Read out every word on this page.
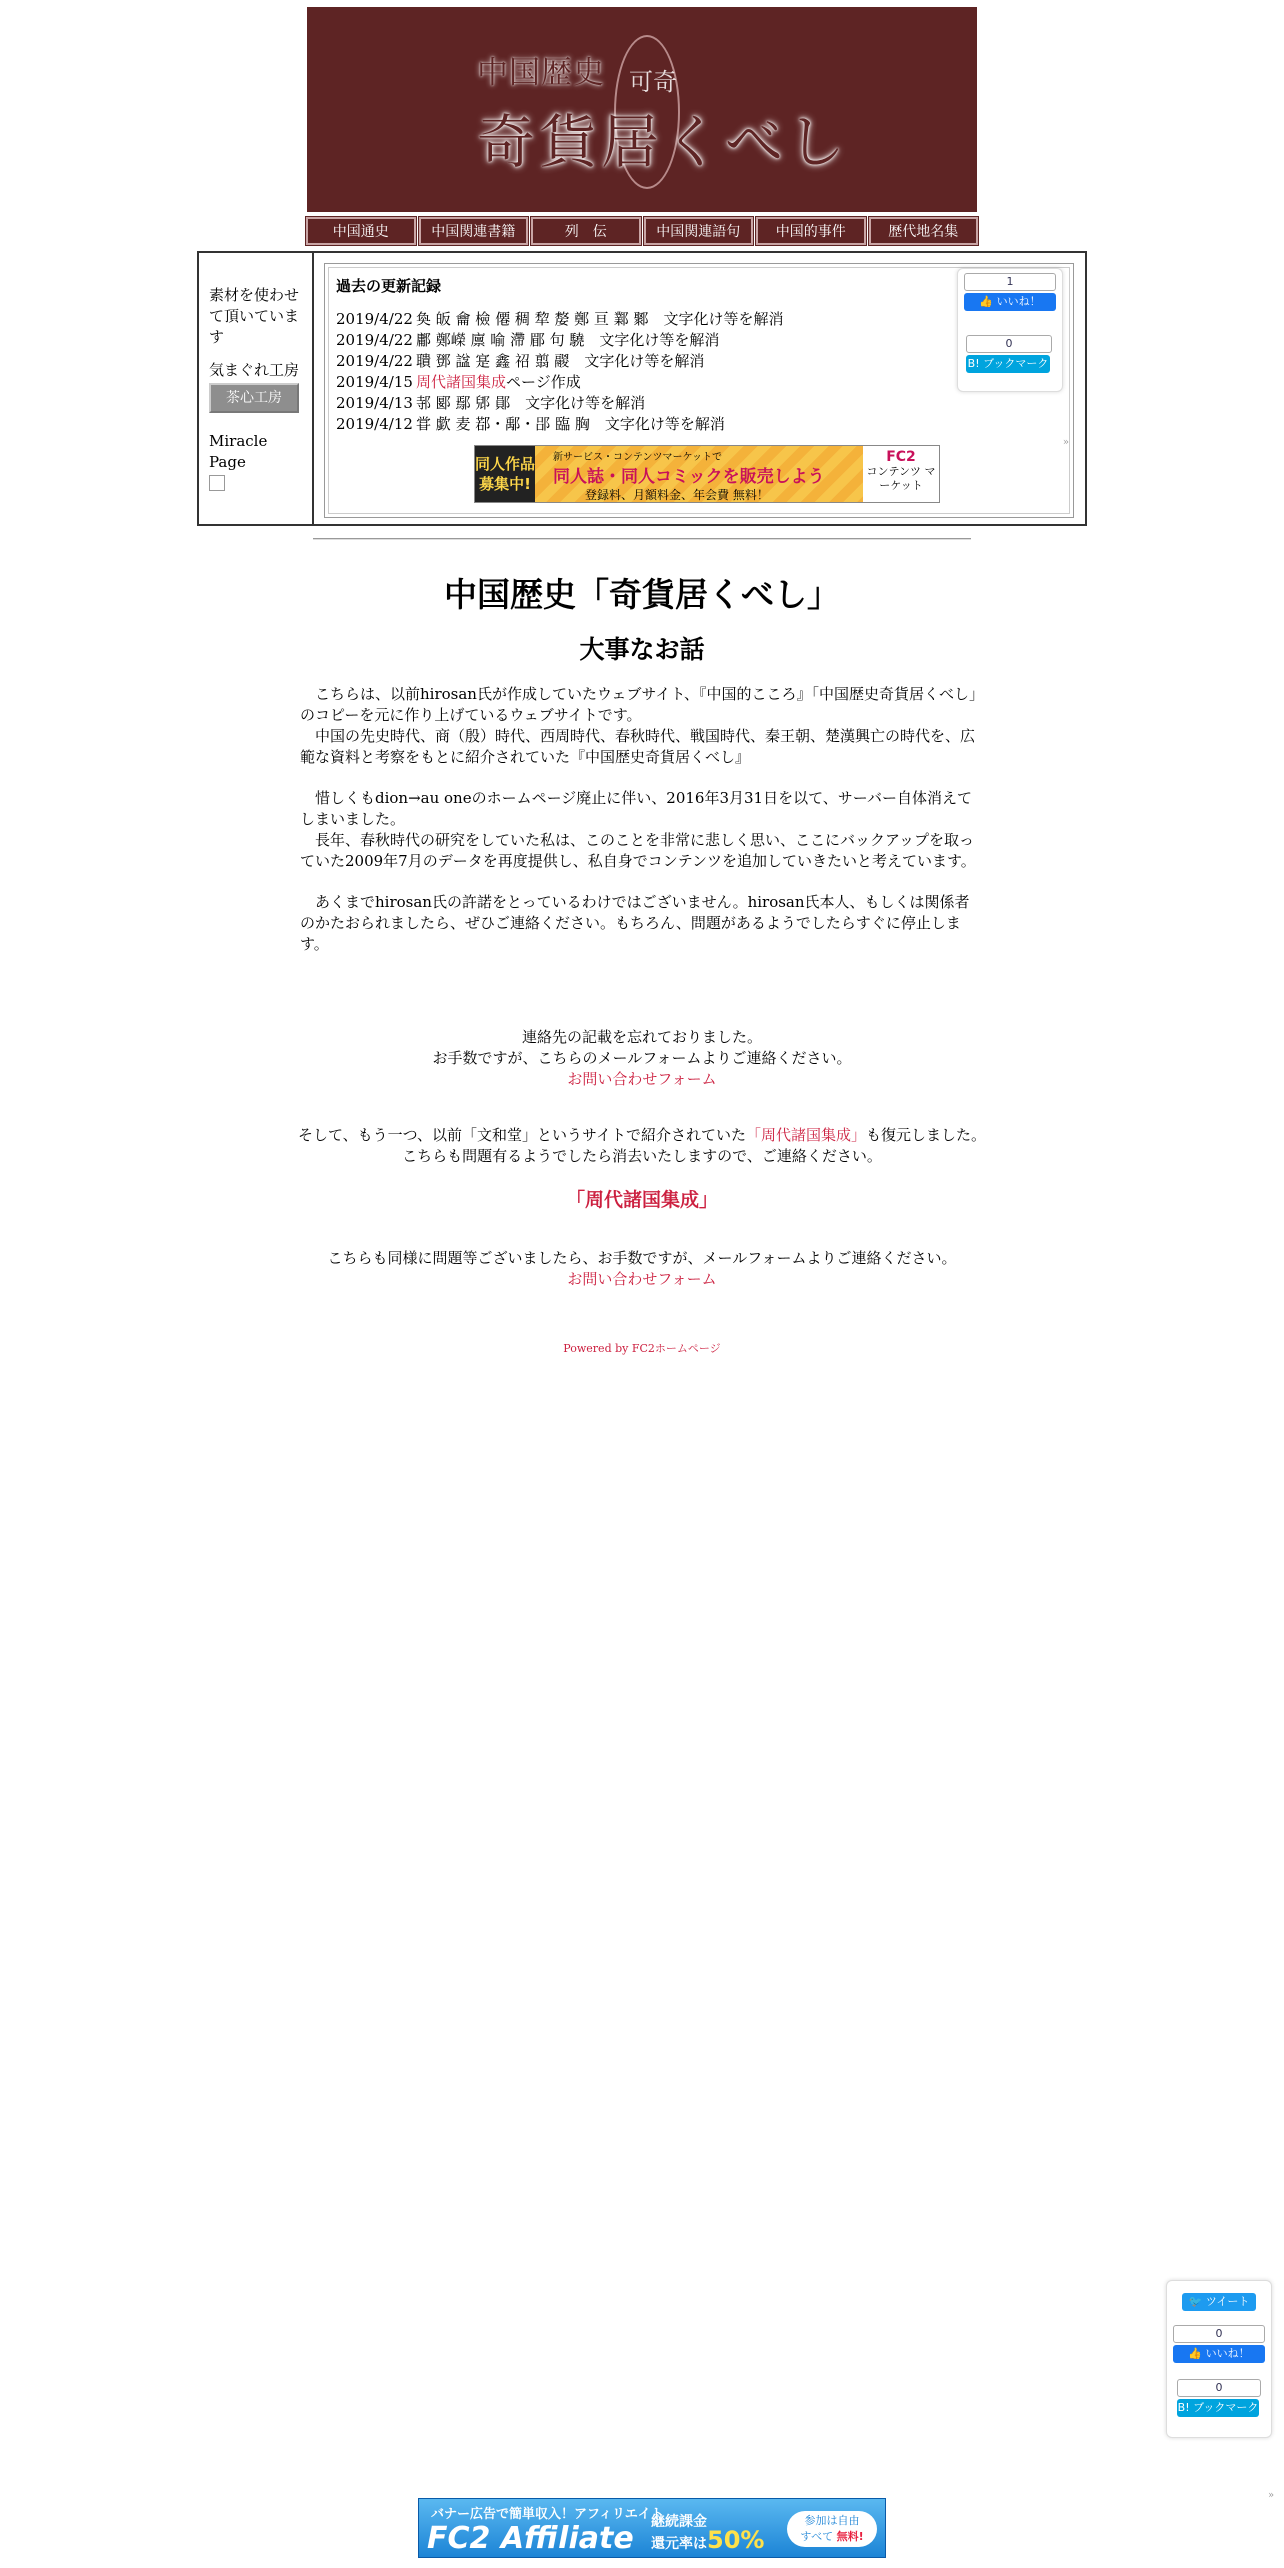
可奇
中国歴史
奇貨居くべし
中国通史	中国関連書籍	列　伝	中国関連語句	中国的事件	歴代地名集

素材を使わせて頂いています

気まぐれ工房

茶心工房

Miracle Page

過去の更新記録
2019/4/22 奐 皈 龠 檢 僊 稠 犂 嫠 鄭 亘 鄴 鄹　文字化け等を解消
2019/4/22 鄘 鄭嶸 廪 喻 滯 郿 句 驍　文字化け等を解消
2019/4/22 聵 鄧 諡 寔 鑫 祒 翦 鬷　文字化け等を解消
2019/4/15 周代諸国集成 ページ作成
2019/4/13 邿 郾 鄢 郳 鄖　文字化け等を解消
2019/4/12 甞 歔 麦 鄀・鄅・郘 臨 胸　文字化け等を解消
»
同人作品 募集中!
新サービス・コンテンツマーケットで
同人誌・同人コミックを販売しよう
登録料、月額料金、年会費 無料！
FC2
コンテンツ マーケット
1
👍 いいね！
0
B! ブックマーク
中国歴史「奇貨居くべし」
大事なお話

　こちらは、以前hirosan氏が作成していたウェブサイト、『中国的こころ』「中国歴史奇貨居くべし」のコピーを元に作り上げているウェブサイトです。
　中国の先史時代、商（殷）時代、西周時代、春秋時代、戦国時代、秦王朝、楚漢興亡の時代を、広範な資料と考察をもとに紹介されていた『中国歴史奇貨居くべし』

　惜しくもdion→au oneのホームページ廃止に伴い、2016年3月31日を以て、サーバー自体消えてしまいました。
　長年、春秋時代の研究をしていた私は、このことを非常に悲しく思い、ここにバックアップを取っていた2009年7月のデータを再度提供し、私自身でコンテンツを追加していきたいと考えています。

　あくまでhirosan氏の許諾をとっているわけではございません。hirosan氏本人、もしくは関係者のかたおられましたら、ぜひご連絡ください。もちろん、問題があるようでしたらすぐに停止します。

連絡先の記載を忘れておりました。
お手数ですが、こちらのメールフォームよりご連絡ください。
お問い合わせフォーム
そして、もう一つ、以前「文和堂」というサイトで紹介されていた「周代諸国集成」も復元しました。
こちらも問題有るようでしたら消去いたしますので、ご連絡ください。
「周代諸国集成」
こちらも同様に問題等ございましたら、お手数ですが、メールフォームよりご連絡ください。
お問い合わせフォーム
Powered by FC2ホームページ
🐦 ツイート
0
👍 いいね！
0
B! ブックマーク
»
バナー広告で簡単収入！アフィリエイト
FC2 Affiliate 継続課金
還元率は50%
参加は自由
すべて 無料!
